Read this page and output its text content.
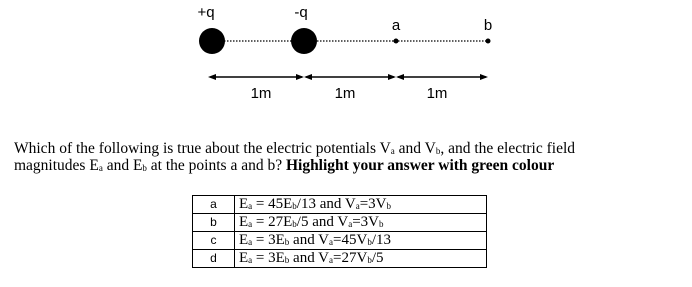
+q	-q
a	b
1m	1m	1m
Which of the following is true about the electric potentials $V_a$ and $V_b$, and the electric field
magnitudes $E_a$ and $E_b$ at the points a and b? Highlight your answer with green colour
a	$E_a = 45E_b/13$ and $V_a=3V_b$
b	$E_a = 27E_b/5$ and $V_a=3V_b$
c	$E_a = 3E_b$ and $V_a=45V_b/13$
d	$E_a = 3E_b$ and $V_a=27V_b/5$
